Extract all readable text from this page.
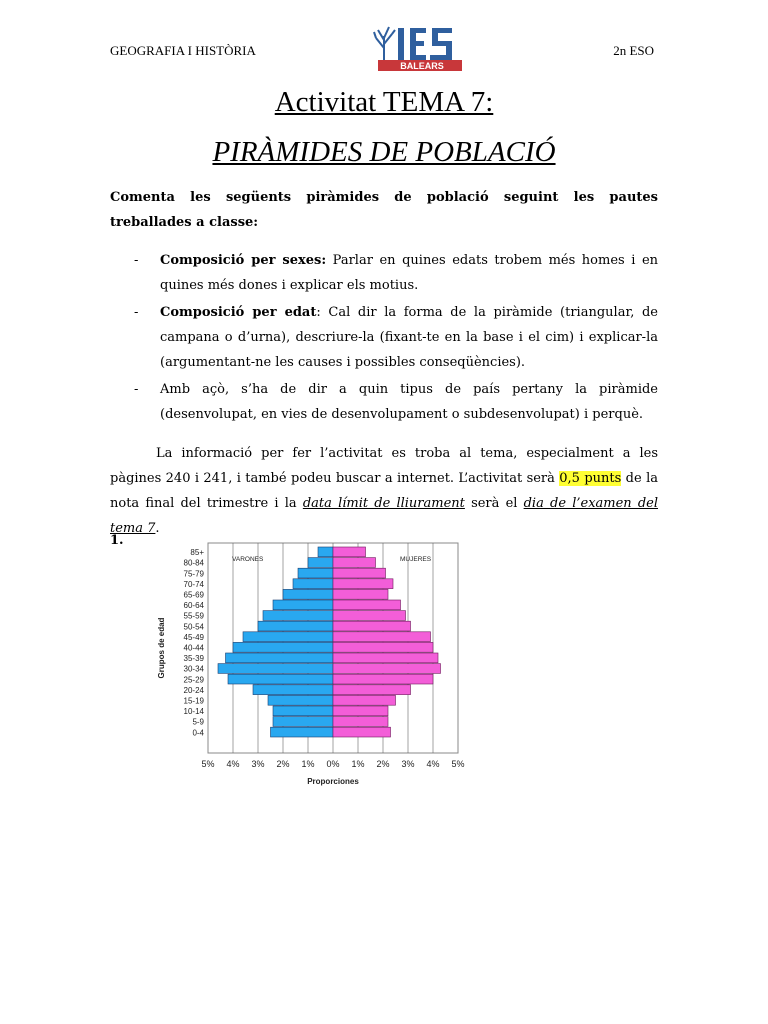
GEOGRAFIA I HISTÒRIA
BALEARS
2n ESO
Activitat TEMA 7:
PIRÀMIDES DE POBLACIÓ
Comenta les següents piràmides de població seguint les pautes treballades a classe:
- Composició per sexes: Parlar en quines edats trobem més homes i en quines més dones i explicar els motius.
- Composició per edat: Cal dir la forma de la piràmide (triangular, de campana o d’urna), descriure-la (fixant-te en la base i el cim) i explicar-la (argumentant-ne les causes i possibles conseqüències).
- Amb açò, s’ha de dir a quin tipus de país pertany la piràmide (desenvolupat, en vies de desenvolupament o subdesenvolupat) i perquè.
La informació per fer l’activitat es troba al tema, especialment a les pàgines 240 i 241, i també podeu buscar a internet. L’activitat serà 0,5 punts de la nota final del trimestre i la data límit de lliurament serà el dia de l’examen del tema 7.
1.
85+
80-84
75-79
70-74
65-69
60-64
55-59
50-54
45-49
40-44
35-39
30-34
25-29
20-24
15-19
10-14
5-9
0-4
5% 4% 3% 2% 1% 0% 1% 2% 3% 4% 5%
VARONES	MUJERES
Proporciones
Grupos de edad
